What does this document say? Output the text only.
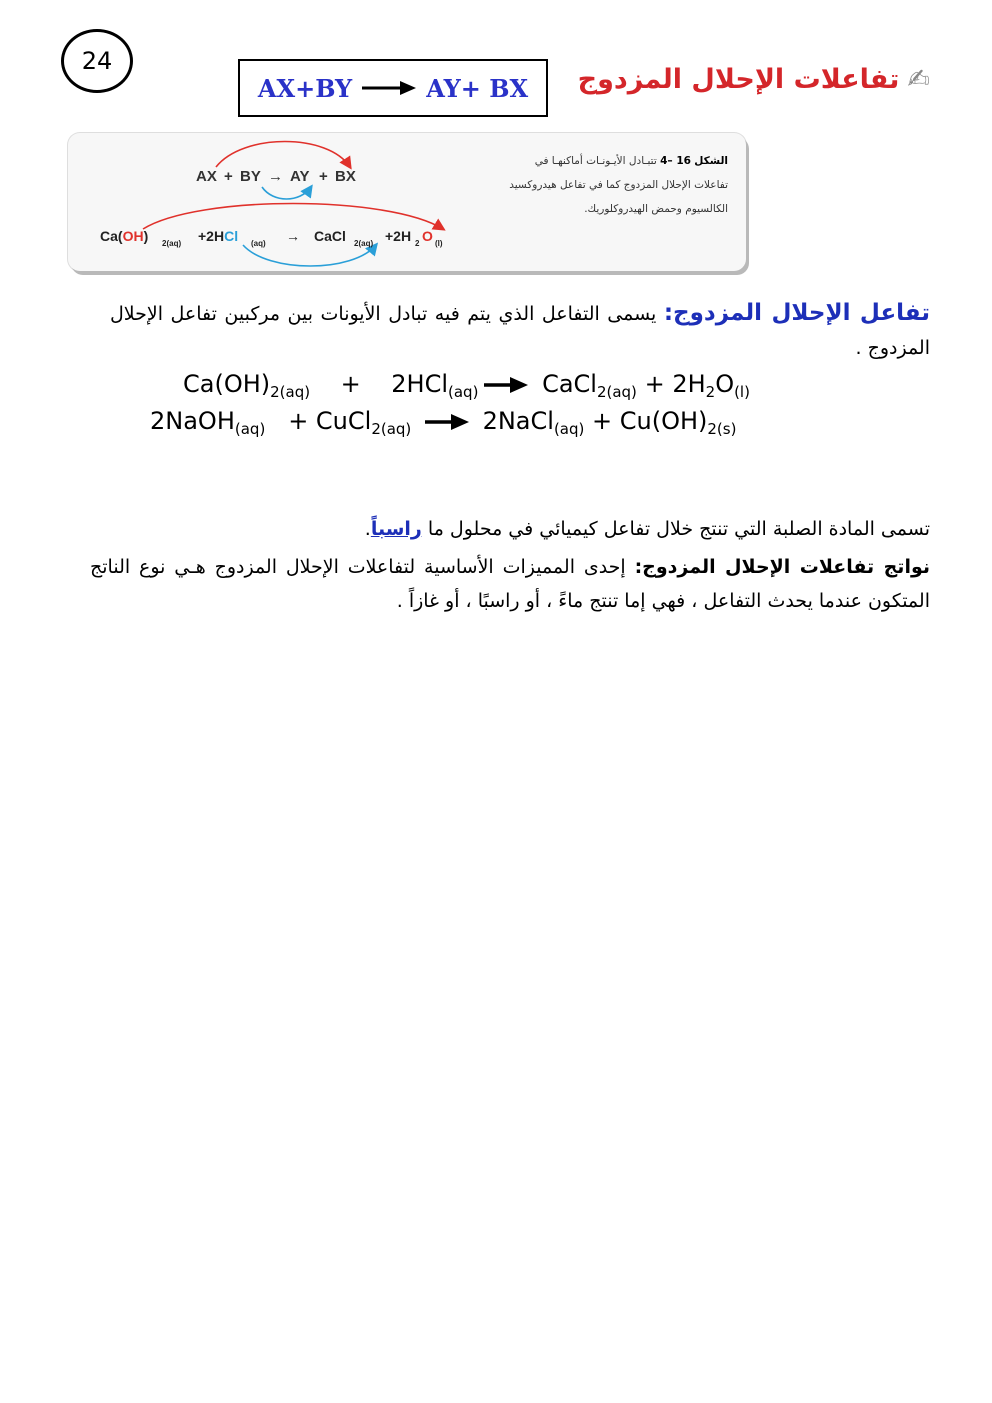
24
AX+BY	AY+ BX	✍تفاعلات الإحلال المزدوج
AX + BY → AY + BX
Ca(OH) 2(aq) +2HCl (aq) → CaCl 2(aq) +2H 2 O (l)
الشكل 16 –4 تتبـادل الأيـونـات أماكنهـا في
تفاعلات الإحلال المزدوج كما في تفاعل هيدروكسيد
الكالسيوم وحمض الهيدروكلوريك.
تفاعل الإحلال المزدوج: يسمى التفاعل الذي يتم فيه تبادل الأيونات بين مركبين تفاعل الإحلال المزدوج .
$Ca(OH)_{2(aq)} + 2HCl_{(aq)}$	CaCl$_{2(aq)}$ + $2H_2O_{(l)}$
2NaOH$_{(aq)}$ + CuCl$_{2(aq)}$	2NaCl$_{(aq)}$ + $Cu(OH)_{2(s)}$
تسمى المادة الصلبة التي تنتج خلال تفاعل كيميائي في محلول ما راسباً.
نواتج تفاعلات الإحلال المزدوج: إحدى المميزات الأساسية لتفاعلات الإحلال المزدوج هـي نوع الناتج المتكون عندما يحدث التفاعل ، فهي إما تنتج ماءً ، أو راسبًا ، أو غازاً .
